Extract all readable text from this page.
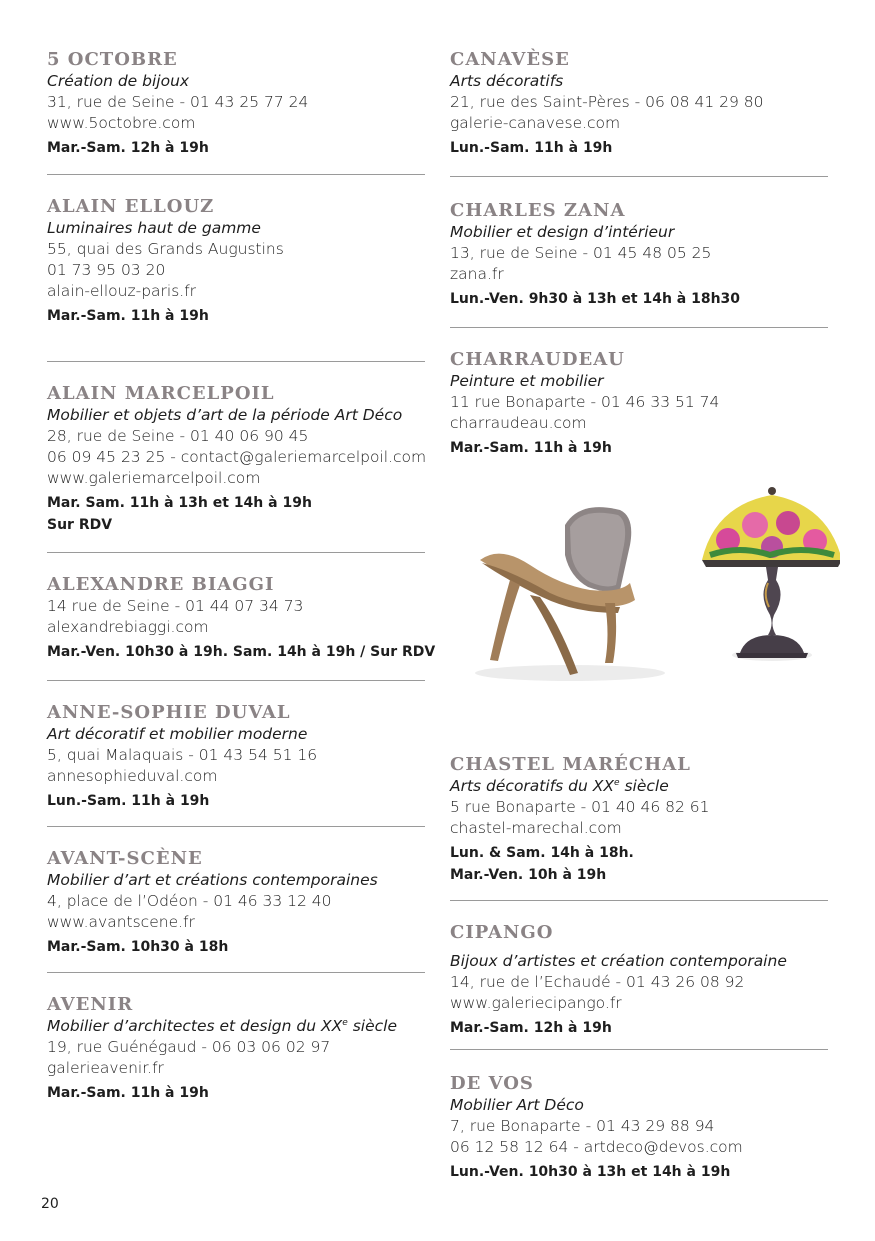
5 OCTOBRE
Création de bijoux
31, rue de Seine - 01 43 25 77 24
www.5octobre.com
Mar.-Sam. 12h à 19h
ALAIN ELLOUZ
Luminaires haut de gamme
55, quai des Grands Augustins
01 73 95 03 20
alain-ellouz-paris.fr
Mar.-Sam. 11h à 19h
ALAIN MARCELPOIL
Mobilier et objets d’art de la période Art Déco
28, rue de Seine - 01 40 06 90 45
06 09 45 23 25 - contact@galeriemarcelpoil.com
www.galeriemarcelpoil.com
Mar. Sam. 11h à 13h et 14h à 19h
Sur RDV
ALEXANDRE BIAGGI
14 rue de Seine - 01 44 07 34 73
alexandrebiaggi.com
Mar.-Ven. 10h30 à 19h. Sam. 14h à 19h / Sur RDV
ANNE-SOPHIE DUVAL
Art décoratif et mobilier moderne
5, quai Malaquais - 01 43 54 51 16
annesophieduval.com
Lun.-Sam. 11h à 19h
AVANT-SCÈNE
Mobilier d’art et créations contemporaines
4, place de l’Odéon - 01 46 33 12 40
www.avantscene.fr
Mar.-Sam. 10h30 à 18h
AVENIR
Mobilier d’architectes et design du XXe siècle
19, rue Guénégaud - 06 03 06 02 97
galerieavenir.fr
Mar.-Sam. 11h à 19h
CANAVÈSE
Arts décoratifs
21, rue des Saint-Pères - 06 08 41 29 80
galerie-canavese.com
Lun.-Sam. 11h à 19h
CHARLES ZANA
Mobilier et design d’intérieur
13, rue de Seine - 01 45 48 05 25
zana.fr
Lun.-Ven. 9h30 à 13h et 14h à 18h30
CHARRAUDEAU
Peinture et mobilier
11 rue Bonaparte - 01 46 33 51 74
charraudeau.com
Mar.-Sam. 11h à 19h
CHASTEL MARÉCHAL
Arts décoratifs du XXe siècle
5 rue Bonaparte - 01 40 46 82 61
chastel-marechal.com
Lun. & Sam. 14h à 18h.
Mar.-Ven. 10h à 19h
CIPANGO
Bijoux d’artistes et création contemporaine
14, rue de l’Echaudé - 01 43 26 08 92
www.galeriecipango.fr
Mar.-Sam. 12h à 19h
DE VOS
Mobilier Art Déco
7, rue Bonaparte - 01 43 29 88 94
06 12 58 12 64 - artdeco@devos.com
Lun.-Ven. 10h30 à 13h et 14h à 19h
20
